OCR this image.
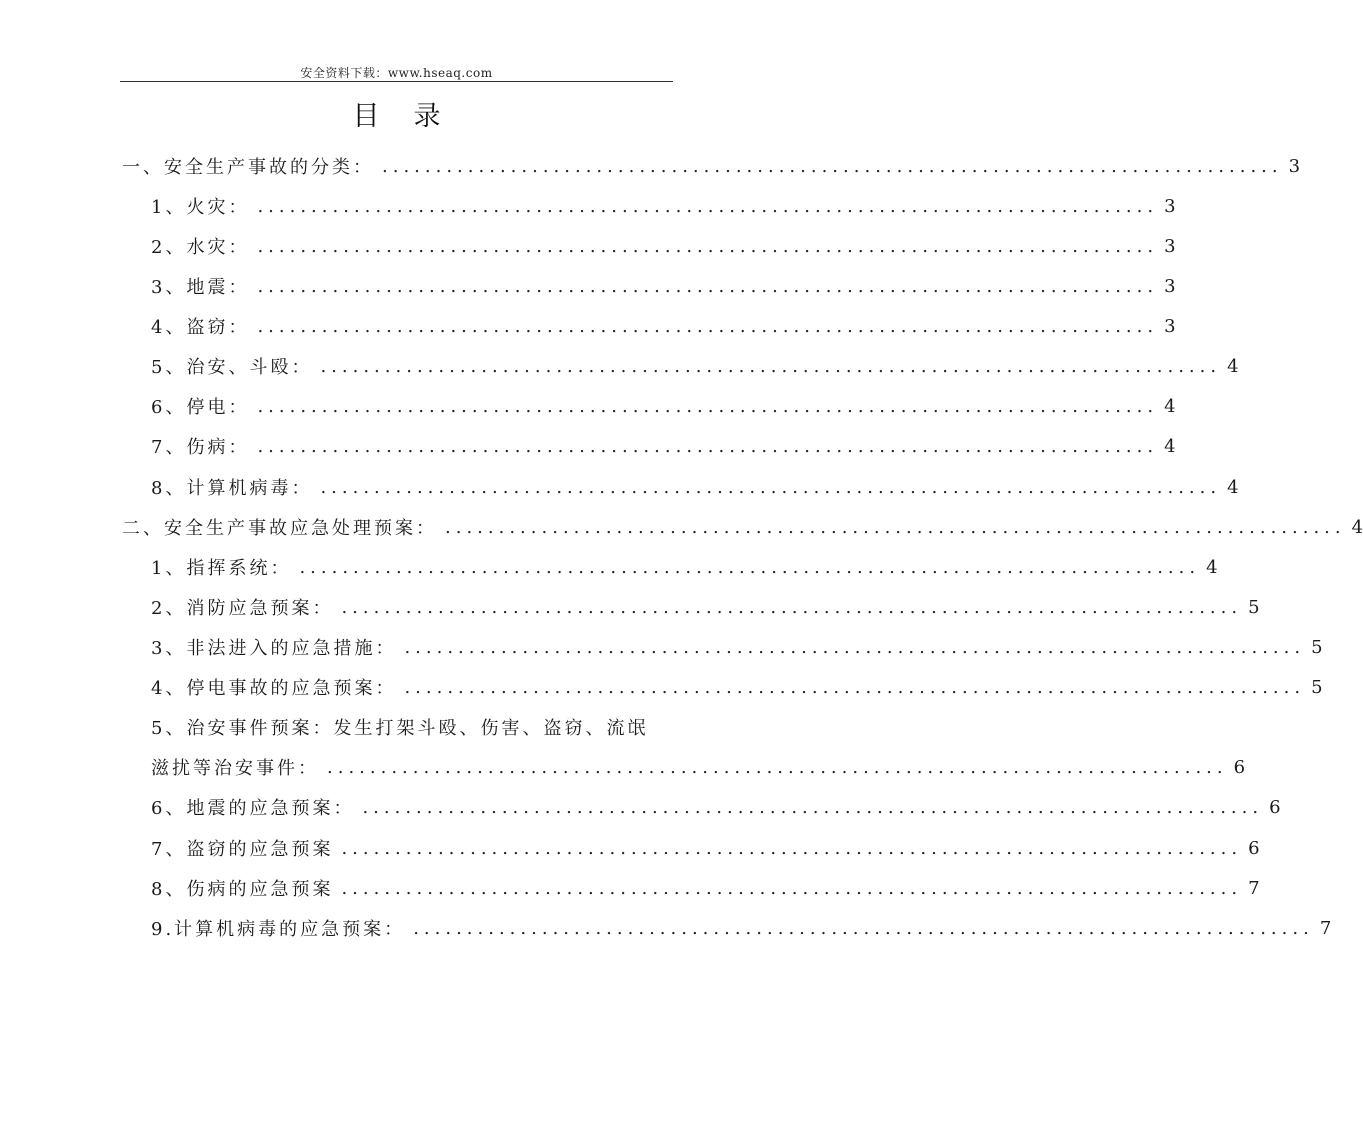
安全资料下载：www.hseaq.com
目录
一、安全生产事故的分类： .................................................................................... 3
1、火灾： .................................................................................... 3
2、水灾： .................................................................................... 3
3、地震： .................................................................................... 3
4、盗窃： .................................................................................... 3
5、治安、斗殴： .................................................................................... 4
6、停电： .................................................................................... 4
7、伤病： .................................................................................... 4
8、计算机病毒： .................................................................................... 4
二、安全生产事故应急处理预案： .................................................................................... 4
1、指挥系统： .................................................................................... 4
2、消防应急预案： .................................................................................... 5
3、非法进入的应急措施： .................................................................................... 5
4、停电事故的应急预案： .................................................................................... 5
5、治安事件预案：发生打架斗殴、伤害、盗窃、流氓
滋扰等治安事件： .................................................................................... 6
6、地震的应急预案： .................................................................................... 6
7、盗窃的应急预案 .................................................................................... 6
8、伤病的应急预案 .................................................................................... 7
9.计算机病毒的应急预案： .................................................................................... 7
